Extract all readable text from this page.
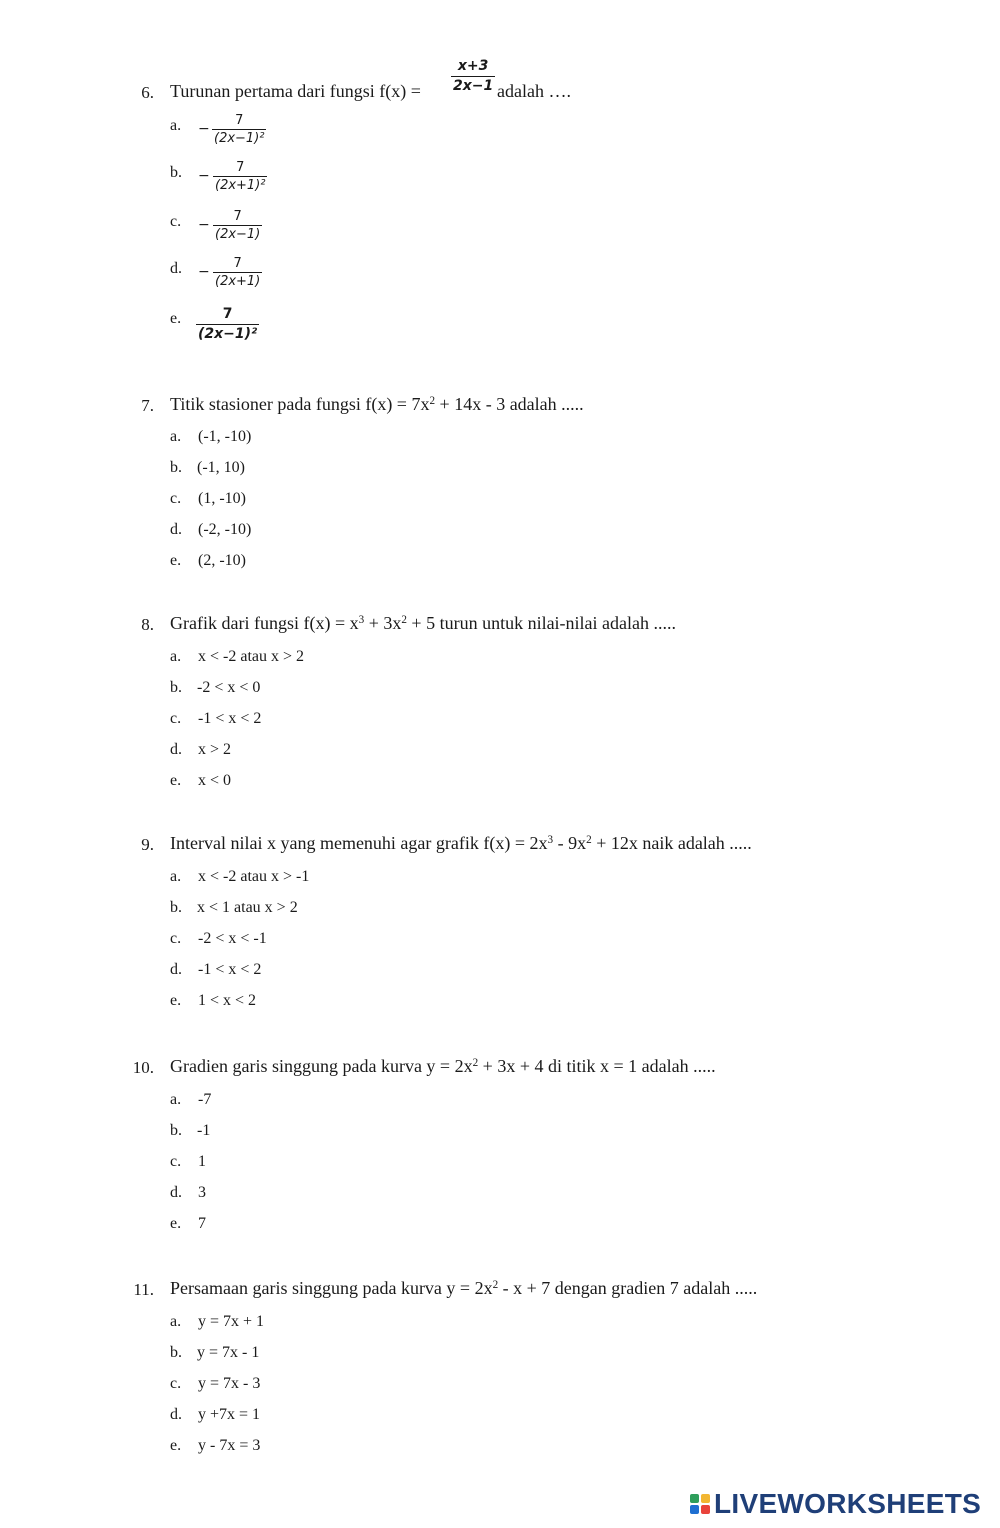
6. Turunan pertama dari fungsi f(x) =
x+3
2x−1 adalah ….
a. −
7
(2x−1)²
b. −
7
(2x+1)²
c. −
7
(2x−1)
d. −
7
(2x+1)
e.	7
(2x−1)²
7. Titik stasioner pada fungsi $f(x) = 7x^2 + 14x - 3$ adalah .....
a. (-1, -10)
b. (-1, 10)
c. (1, -10)
d. (-2, -10)
e. (2, -10)
8. Grafik dari fungsi $f(x) = x^3 + 3x^2 + 5$ turun untuk nilai-nilai adalah .....
a. x < -2 atau x > 2
b. -2 < x < 0
c. -1 < x < 2
d. x > 2
e. x < 0
9. Interval nilai x yang memenuhi agar grafik $f(x) = 2x^3 - 9x^2 + 12x$ naik adalah .....
a. x < -2 atau x > -1
b. x < 1 atau x > 2
c. -2 < x < -1
d. -1 < x < 2
e. 1 < x < 2
10. Gradien garis singgung pada kurva $y = 2x^2 + 3x + 4$ di titik x = 1 adalah .....
a. -7
b. -1
c. 1
d. 3
e. 7
11. Persamaan garis singgung pada kurva $y = 2x^2 - x + 7$ dengan gradien 7 adalah .....
a. y = 7x + 1
b. y = 7x - 1
c. y = 7x - 3
d. y +7x = 1
e. y - 7x = 3
LIVEWORKSHEETS
